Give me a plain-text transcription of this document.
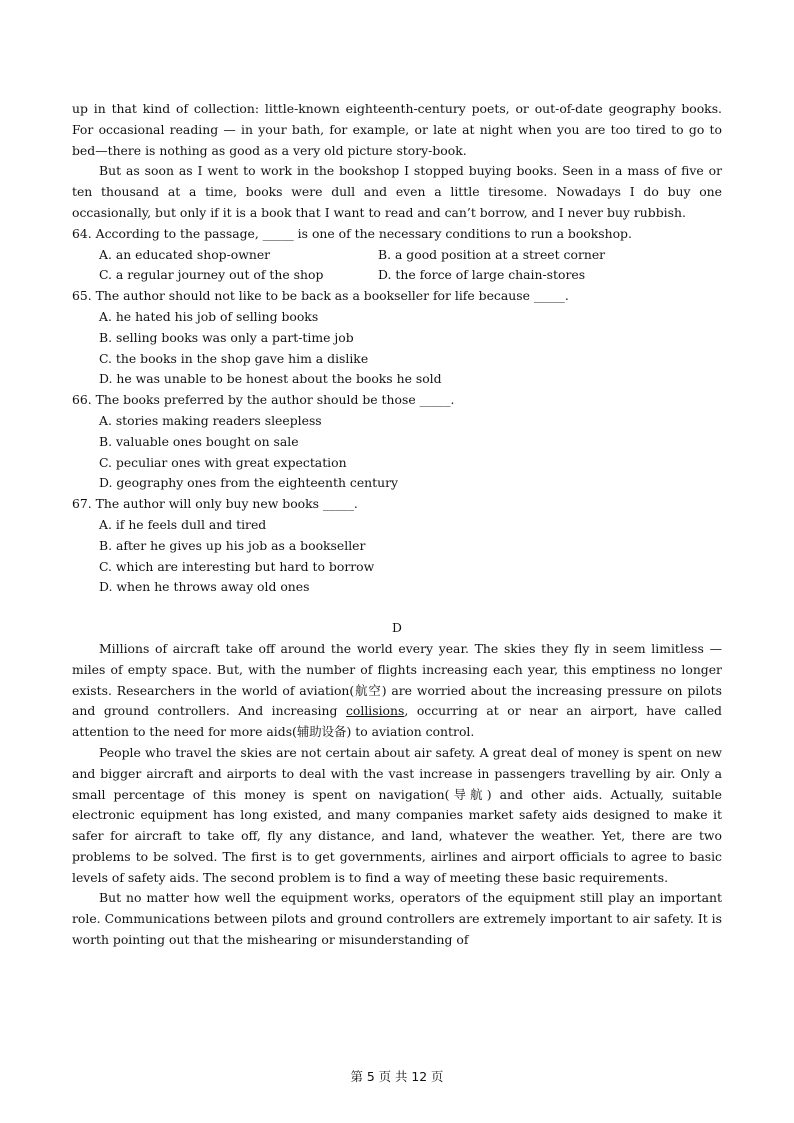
up in that kind of collection: little-known eighteenth-century poets, or out-of-date geography books. For occasional reading — in your bath, for example, or late at night when you are too tired to go to bed—there is nothing as good as a very old picture story-book.

But as soon as I went to work in the bookshop I stopped buying books. Seen in a mass of five or ten thousand at a time, books were dull and even a little tiresome. Nowadays I do buy one occasionally, but only if it is a book that I want to read and can’t borrow, and I never buy rubbish.

64. According to the passage, _____ is one of the necessary conditions to run a bookshop.

A. an educated shop-owner	B. a good position at a street corner
C. a regular journey out of the shop	D. the force of large chain-stores

65. The author should not like to be back as a bookseller for life because _____.

A. he hated his job of selling books

B. selling books was only a part-time job

C. the books in the shop gave him a dislike

D. he was unable to be honest about the books he sold

66. The books preferred by the author should be those _____.

A. stories making readers sleepless

B. valuable ones bought on sale

C. peculiar ones with great expectation

D. geography ones from the eighteenth century

67. The author will only buy new books _____.

A. if he feels dull and tired

B. after he gives up his job as a bookseller

C. which are interesting but hard to borrow

D. when he throws away old ones

D

Millions of aircraft take off around the world every year. The skies they fly in seem limitless — miles of empty space. But, with the number of flights increasing each year, this emptiness no longer exists. Researchers in the world of aviation(航空) are worried about the increasing pressure on pilots and ground controllers. And increasing collisions, occurring at or near an airport, have called attention to the need for more aids(辅助设备) to aviation control.

People who travel the skies are not certain about air safety. A great deal of money is spent on new and bigger aircraft and airports to deal with the vast increase in passengers travelling by air. Only a small percentage of this money is spent on navigation(导航) and other aids. Actually, suitable electronic equipment has long existed, and many companies market safety aids designed to make it safer for aircraft to take off, fly any distance, and land, whatever the weather. Yet, there are two problems to be solved. The first is to get governments, airlines and airport officials to agree to basic levels of safety aids. The second problem is to find a way of meeting these basic requirements.

But no matter how well the equipment works, operators of the equipment still play an important role. Communications between pilots and ground controllers are extremely important to air safety. It is worth pointing out that the mishearing or misunderstanding of

第 5 页 共 12 页
